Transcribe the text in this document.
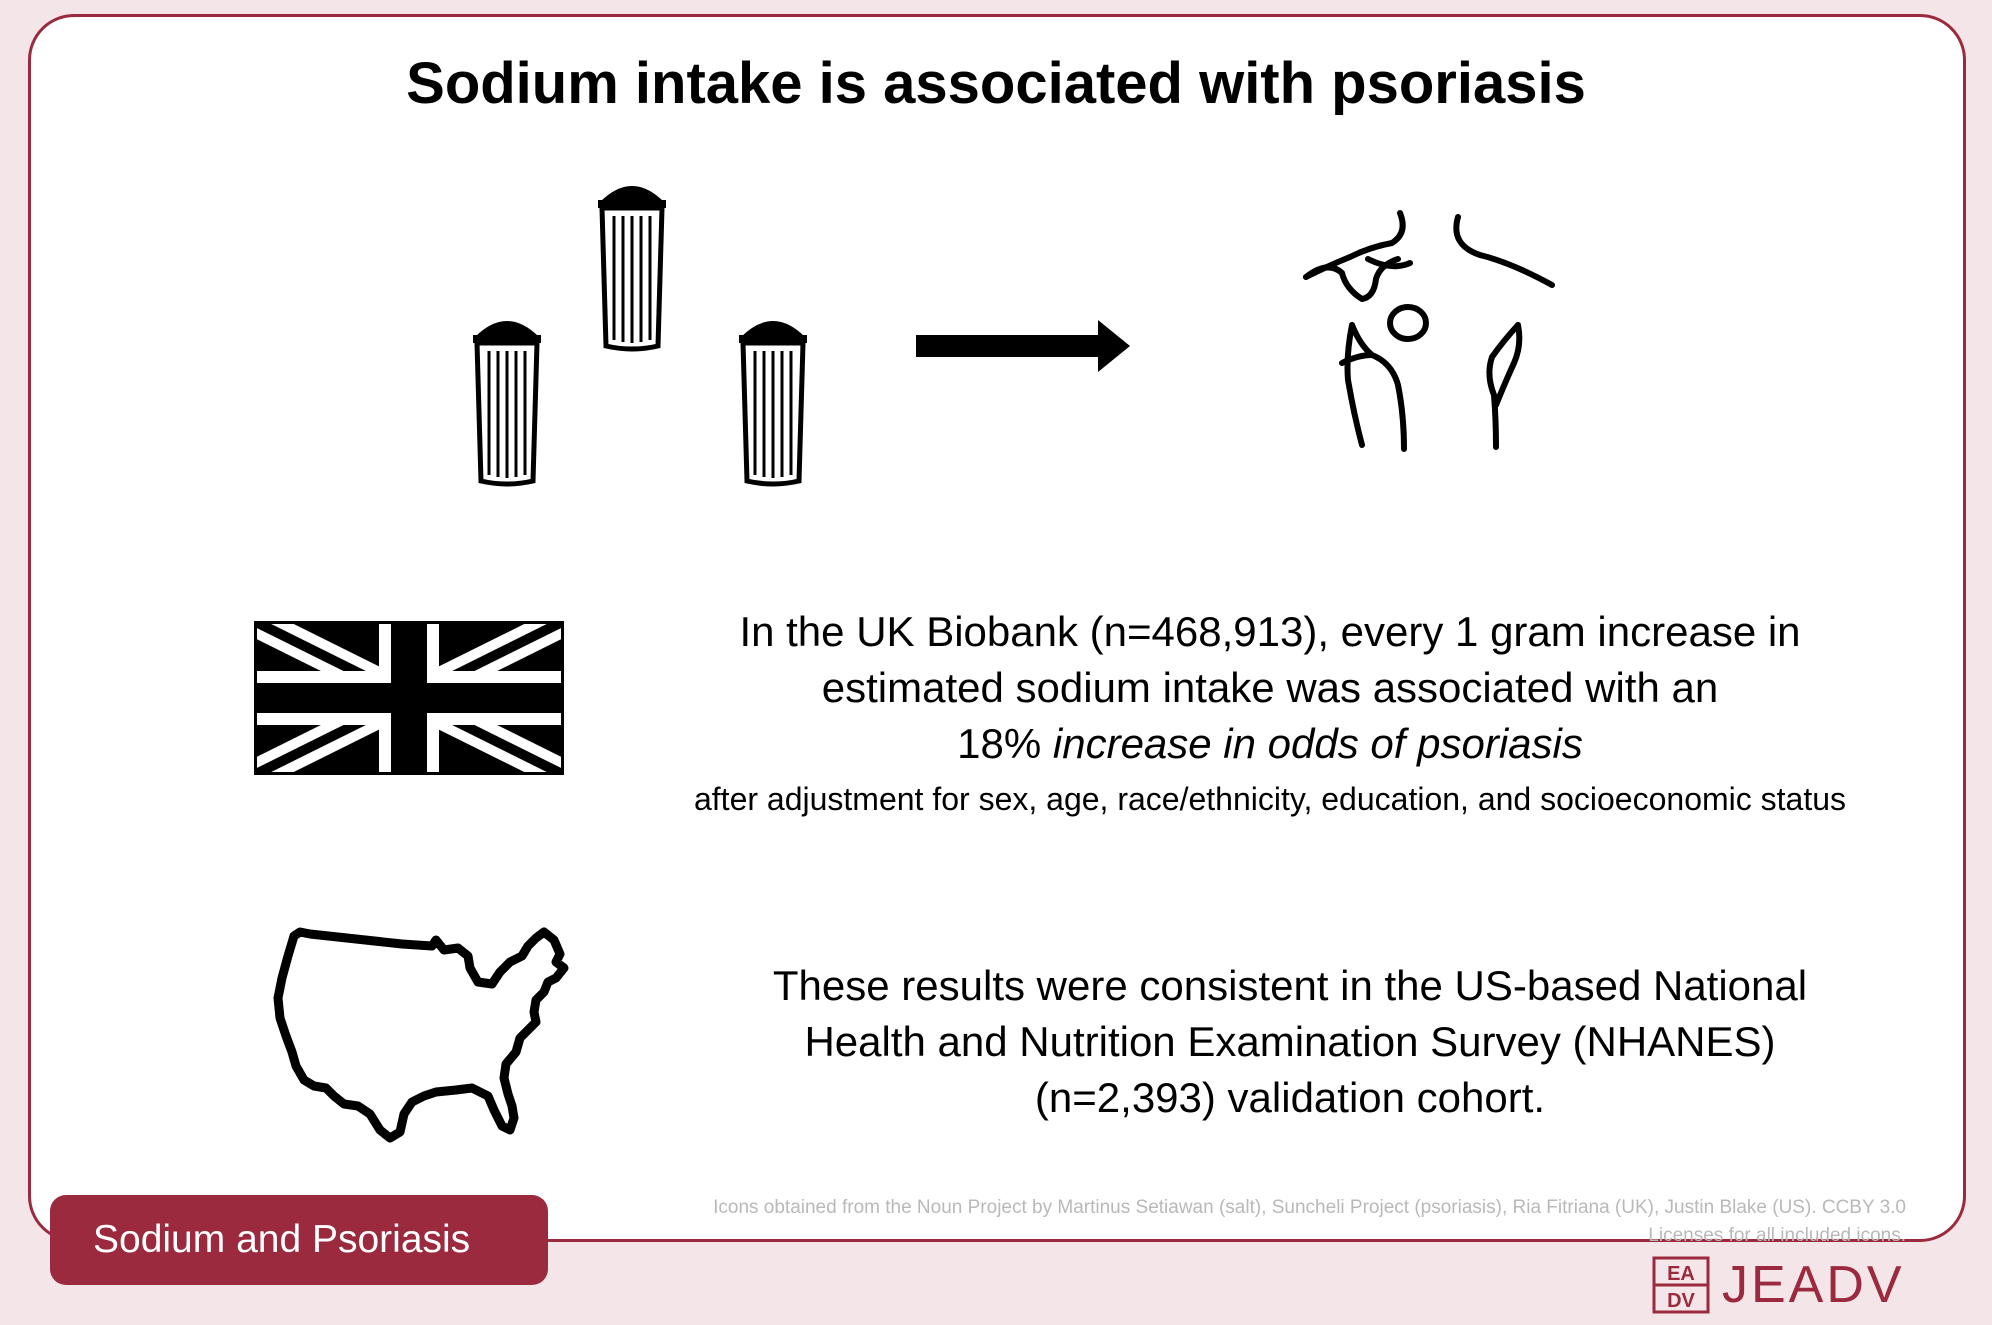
Sodium intake is associated with psoriasis
In the UK Biobank (n=468,913), every 1 gram increase in
estimated sodium intake was associated with an
18% increase in odds of psoriasis
after adjustment for sex, age, race/ethnicity, education, and socioeconomic status
These results were consistent in the US-based National
Health and Nutrition Examination Survey (NHANES)
(n=2,393) validation cohort.
Icons obtained from the Noun Project by Martinus Setiawan (salt), Suncheli Project (psoriasis), Ria Fitriana (UK), Justin Blake (US). CCBY 3.0 Licenses for all included icons.
Sodium and Psoriasis
EA
DV JEADV
